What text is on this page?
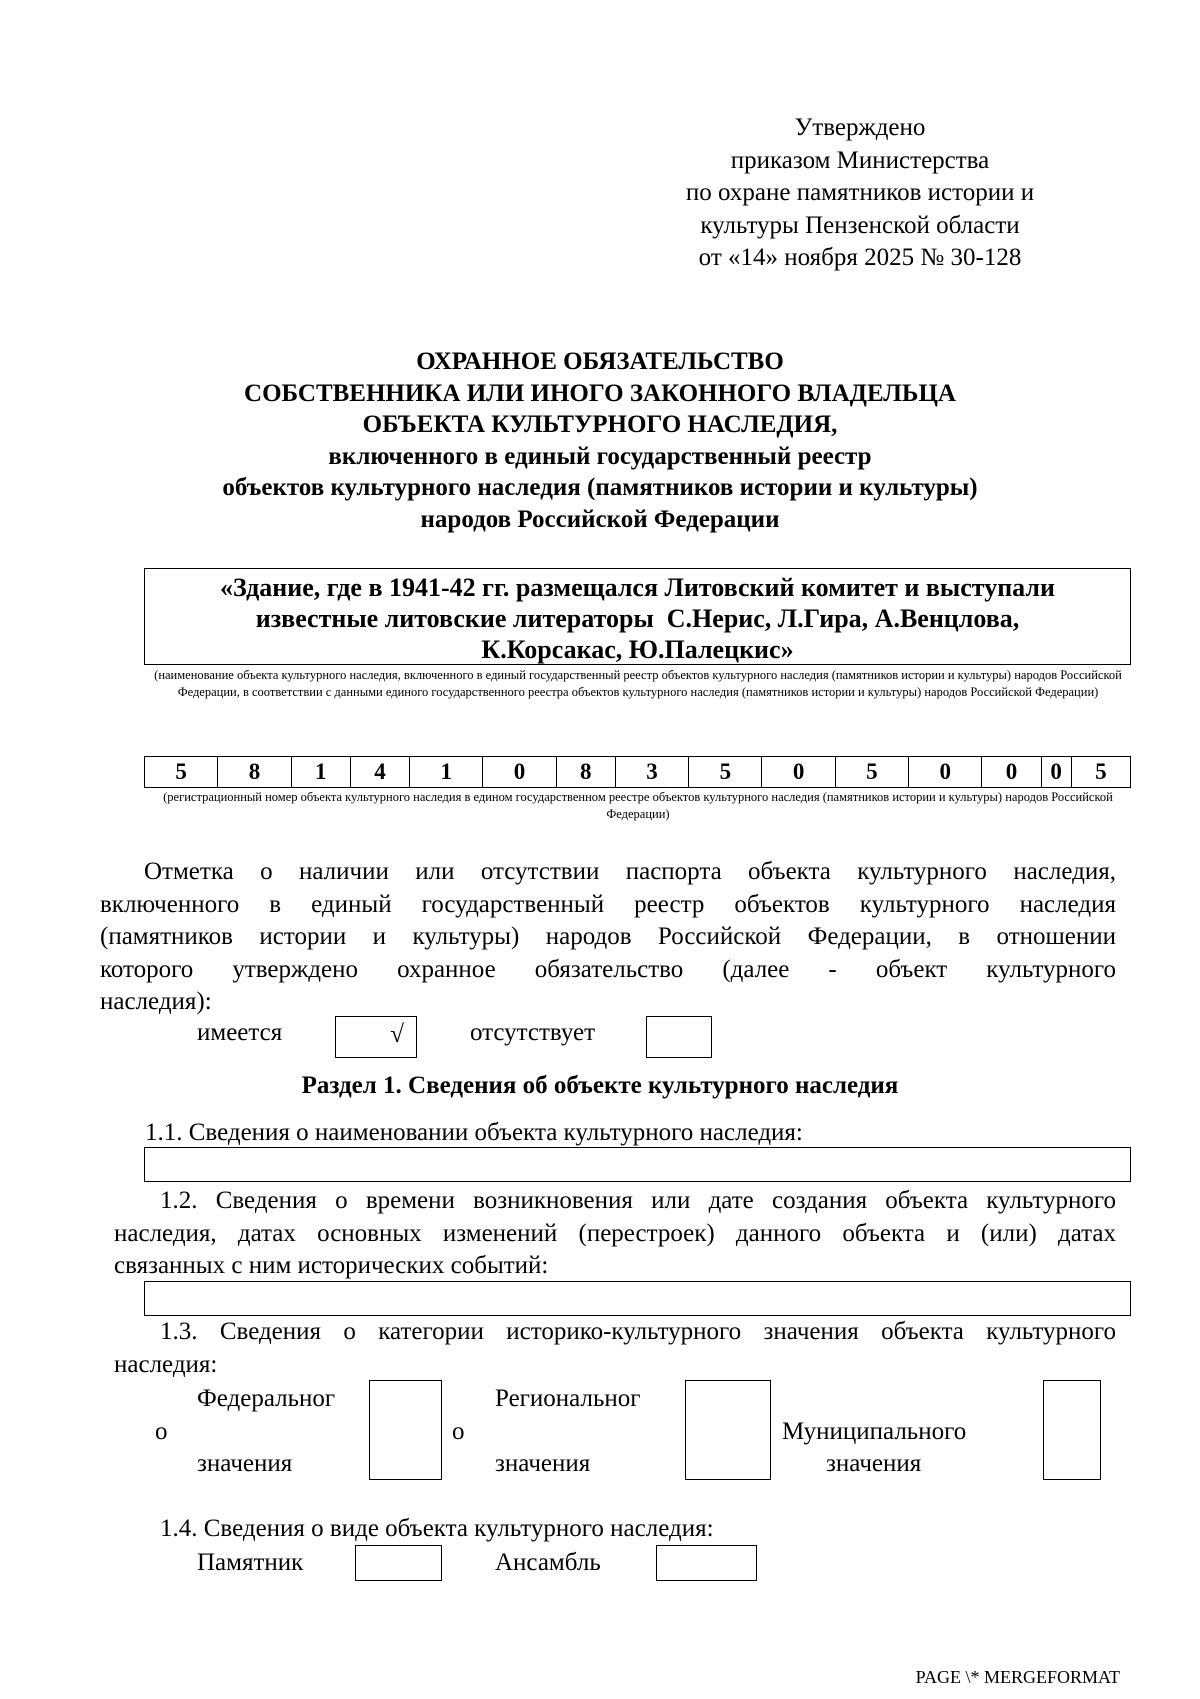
Утверждено
приказом Министерства
по охране памятников истории и
культуры Пензенской области
от «14» ноября 2025 № 30-128
ОХРАННОЕ ОБЯЗАТЕЛЬСТВО
СОБСТВЕННИКА ИЛИ ИНОГО ЗАКОННОГО ВЛАДЕЛЬЦА
ОБЪЕКТА КУЛЬТУРНОГО НАСЛЕДИЯ,
включенного в единый государственный реестр
объектов культурного наследия (памятников истории и культуры)
народов Российской Федерации
«Здание, где в 1941-42 гг. размещался Литовский комитет и выступали
известные литовские литераторы  С.Нерис, Л.Гира, А.Венцлова,
К.Корсакас, Ю.Палецкис»
(наименование объекта культурного наследия, включенного в единый государственный реестр объектов культурного наследия (памятников истории и культуры) народов Российской Федерации, в соответствии с данными единого государственного реестра объектов культурного наследия (памятников истории и культуры) народов Российской Федерации)
5	8	1	4	1	0	8	3	5	0	5	0	0	0	5
(регистрационный номер объекта культурного наследия в едином государственном реестре объектов культурного наследия (памятников истории и культуры) народов Российской Федерации)
Отметка о наличии или отсутствии паспорта объекта культурного наследия,
включенного в единый государственный реестр объектов культурного наследия
(памятников истории и культуры) народов Российской Федерации, в отношении
которого утверждено охранное обязательство (далее - объект культурного
наследия):
имеется	√	отсутствует
Раздел 1. Сведения об объекте культурного наследия
1.1. Сведения о наименовании объекта культурного наследия:
1.2. Сведения о времени возникновения или дате создания объекта культурного
наследия, датах основных изменений (перестроек) данного объекта и (или) датах
связанных с ним исторических событий:
1.3. Сведения о категории историко-культурного значения объекта культурного
наследия:
Федеральног
о
значения
Региональног
о
значения
Муниципального
значения
1.4. Сведения о виде объекта культурного наследия:
Памятник	Ансамбль
PAGE \* MERGEFORMAT
